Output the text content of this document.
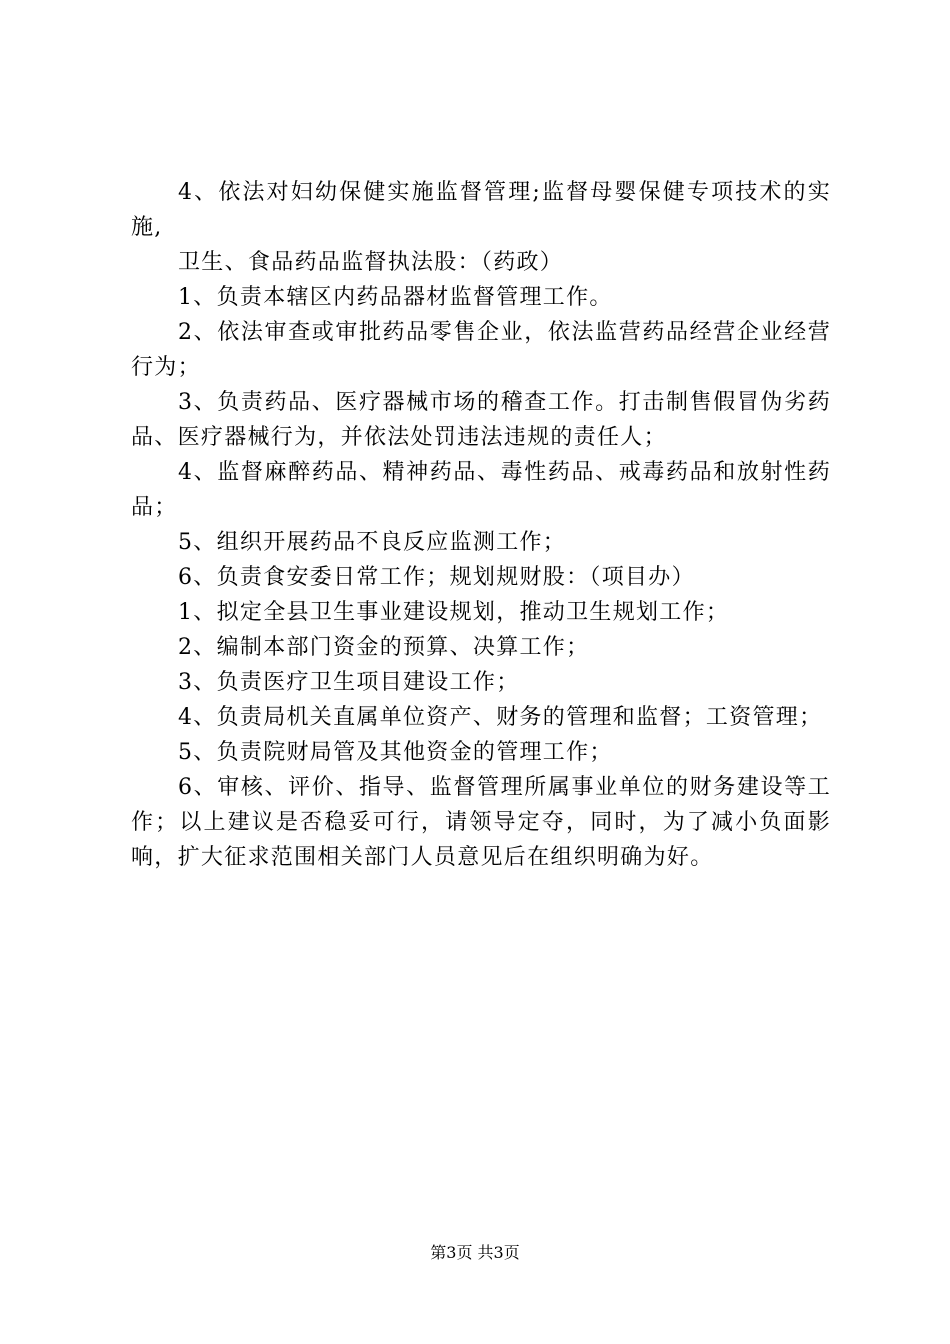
4、依法对妇幼保健实施监督管理;监督母婴保健专项技术的实施,

卫生、食品药品监督执法股：（药政）

1、负责本辖区内药品器材监督管理工作。

2、依法审查或审批药品零售企业，依法监营药品经营企业经营行为；

3、负责药品、医疗器械市场的稽查工作。打击制售假冒伪劣药品、医疗器械行为，并依法处罚违法违规的责任人；

4、监督麻醉药品、精神药品、毒性药品、戒毒药品和放射性药品；

5、组织开展药品不良反应监测工作；

6、负责食安委日常工作；规划规财股：（项目办）

1、拟定全县卫生事业建设规划，推动卫生规划工作；

2、编制本部门资金的预算、决算工作；

3、负责医疗卫生项目建设工作；

4、负责局机关直属单位资产、财务的管理和监督；工资管理；

5、负责院财局管及其他资金的管理工作；

6、审核、评价、指导、监督管理所属事业单位的财务建设等工作；以上建议是否稳妥可行，请领导定夺，同时，为了减小负面影响，扩大征求范围相关部门人员意见后在组织明确为好。

第3页 共3页
